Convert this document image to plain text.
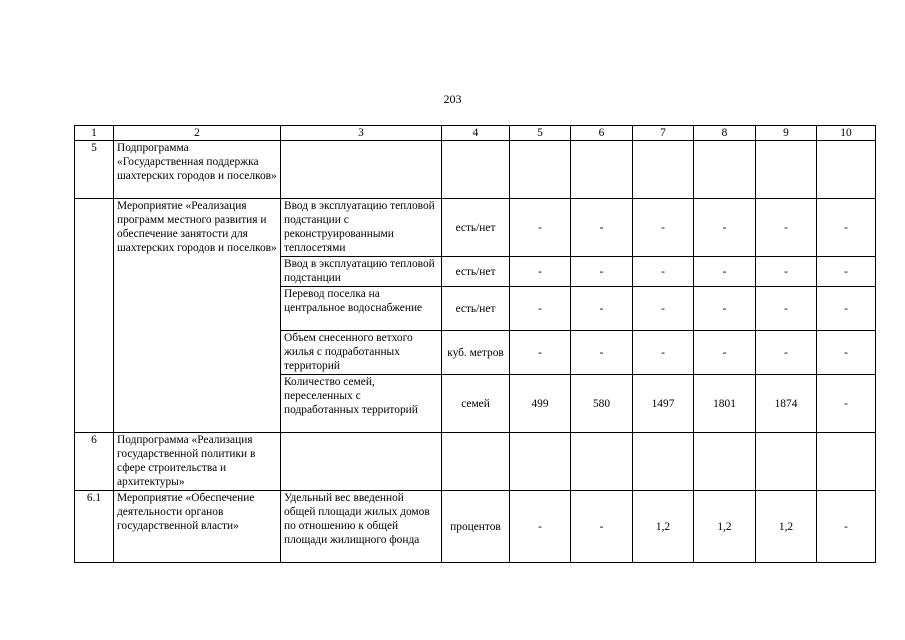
203
1	2	3	4	5	6	7	8	9	10
5	Подпрограмма «Государственная поддержка шахтерских городов и поселков»								
	Мероприятие «Реализация программ местного развития и обеспечение занятости для шахтерских городов и поселков»	Ввод в эксплуатацию тепловой подстанции с реконструированными теплосетями	есть/нет	-	-	-	-	-	-
		Ввод в эксплуатацию тепловой подстанции	есть/нет	-	-	-	-	-	-
		Перевод поселка на центральное водоснабжение	есть/нет	-	-	-	-	-	-
		Объем снесенного ветхого жилья с подработанных территорий	куб. метров	-	-	-	-	-	-
		Количество семей, переселенных с подработанных территорий	семей	499	580	1497	1801	1874	-
6	Подпрограмма «Реализация государственной политики в сфере строительства и архитектуры»								
6.1	Мероприятие «Обеспечение деятельности органов государственной власти»	Удельный вес введенной общей площади жилых домов по отношению к общей площади жилищного фонда	процентов	-	-	1,2	1,2	1,2	-
